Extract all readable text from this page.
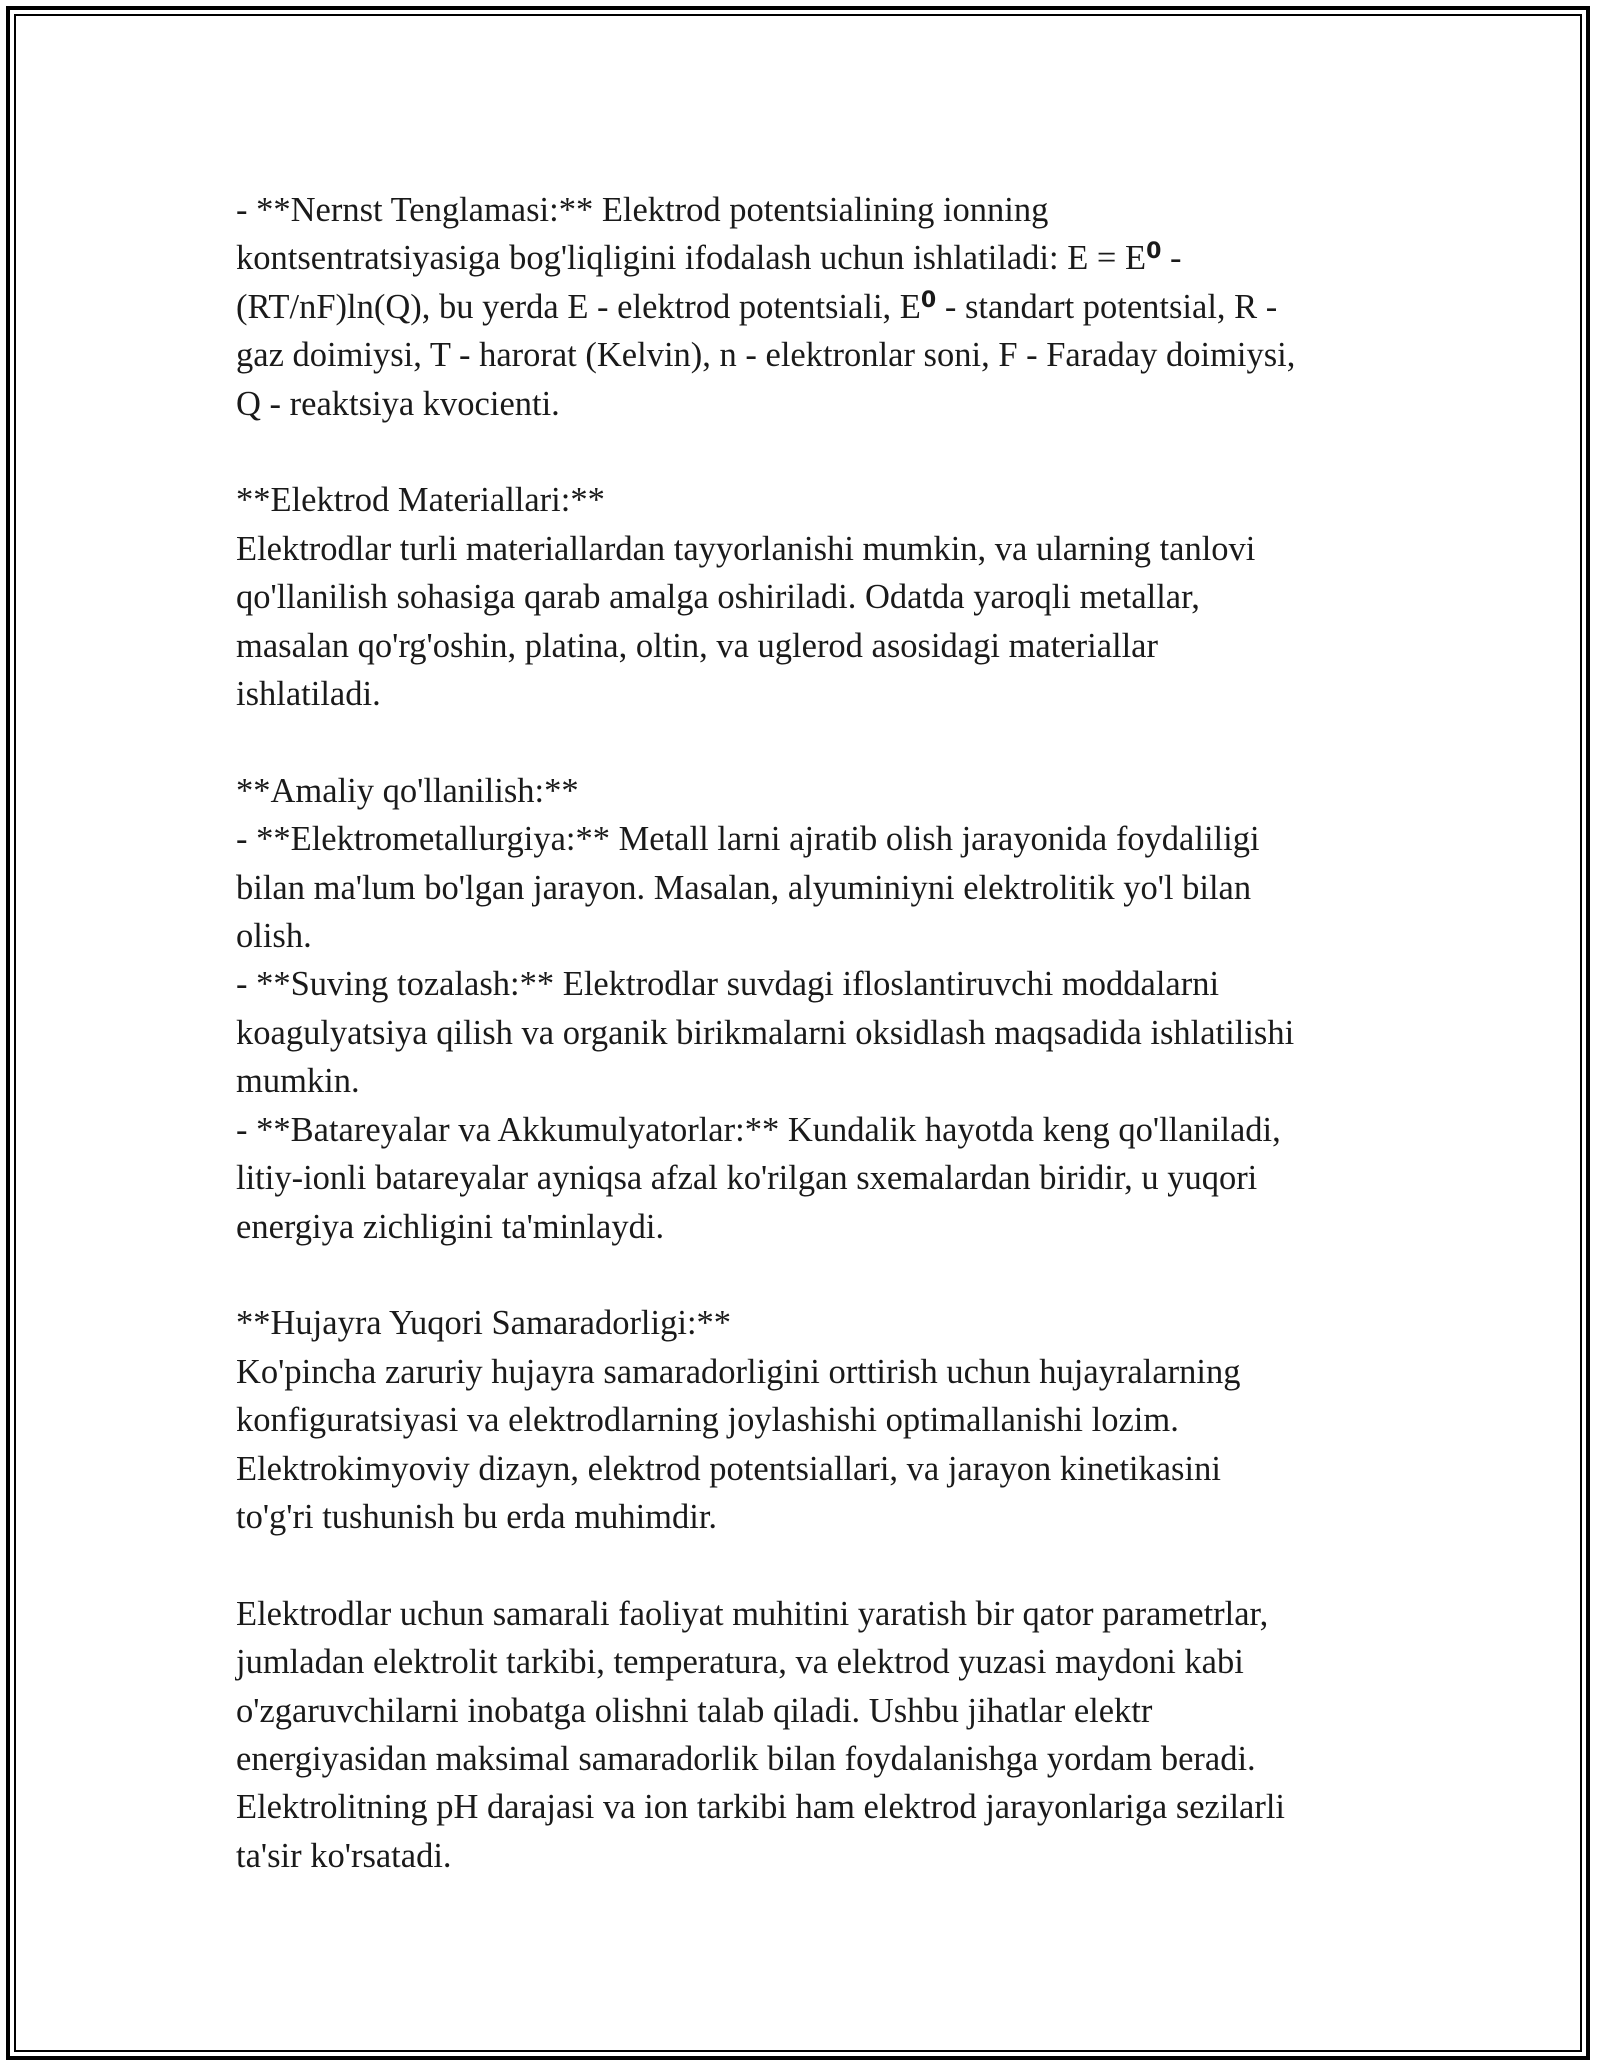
- **Nernst Tenglamasi:** Elektrod potentsialining ionning
kontsentratsiyasiga bog'liqligini ifodalash uchun ishlatiladi: $E = E^0$ -
(RT/nF)ln(Q), bu yerda E - elektrod potentsiali, $E^0$ - standart potentsial, R -
gaz doimiysi, T - harorat (Kelvin), n - elektronlar soni, F - Faraday doimiysi,
Q - reaktsiya kvocienti.

**Elektrod Materiallari:**

Elektrodlar turli materiallardan tayyorlanishi mumkin, va ularning tanlovi
qo'llanilish sohasiga qarab amalga oshiriladi. Odatda yaroqli metallar,
masalan qo'rg'oshin, platina, oltin, va uglerod asosidagi materiallar
ishlatiladi.

**Amaliy qo'llanilish:**

- **Elektrometallurgiya:** Metall larni ajratib olish jarayonida foydaliligi
bilan ma'lum bo'lgan jarayon. Masalan, alyuminiyni elektrolitik yo'l bilan
olish.

- **Suving tozalash:** Elektrodlar suvdagi ifloslantiruvchi moddalarni
koagulyatsiya qilish va organik birikmalarni oksidlash maqsadida ishlatilishi
mumkin.

- **Batareyalar va Akkumulyatorlar:** Kundalik hayotda keng qo'llaniladi,
litiy-ionli batareyalar ayniqsa afzal ko'rilgan sxemalardan biridir, u yuqori
energiya zichligini ta'minlaydi.

**Hujayra Yuqori Samaradorligi:**

Ko'pincha zaruriy hujayra samaradorligini orttirish uchun hujayralarning
konfiguratsiyasi va elektrodlarning joylashishi optimallanishi lozim.
Elektrokimyoviy dizayn, elektrod potentsiallari, va jarayon kinetikasini
to'g'ri tushunish bu erda muhimdir.

Elektrodlar uchun samarali faoliyat muhitini yaratish bir qator parametrlar,
jumladan elektrolit tarkibi, temperatura, va elektrod yuzasi maydoni kabi
o'zgaruvchilarni inobatga olishni talab qiladi. Ushbu jihatlar elektr
energiyasidan maksimal samaradorlik bilan foydalanishga yordam beradi.
Elektrolitning pH darajasi va ion tarkibi ham elektrod jarayonlariga sezilarli
ta'sir ko'rsatadi.
